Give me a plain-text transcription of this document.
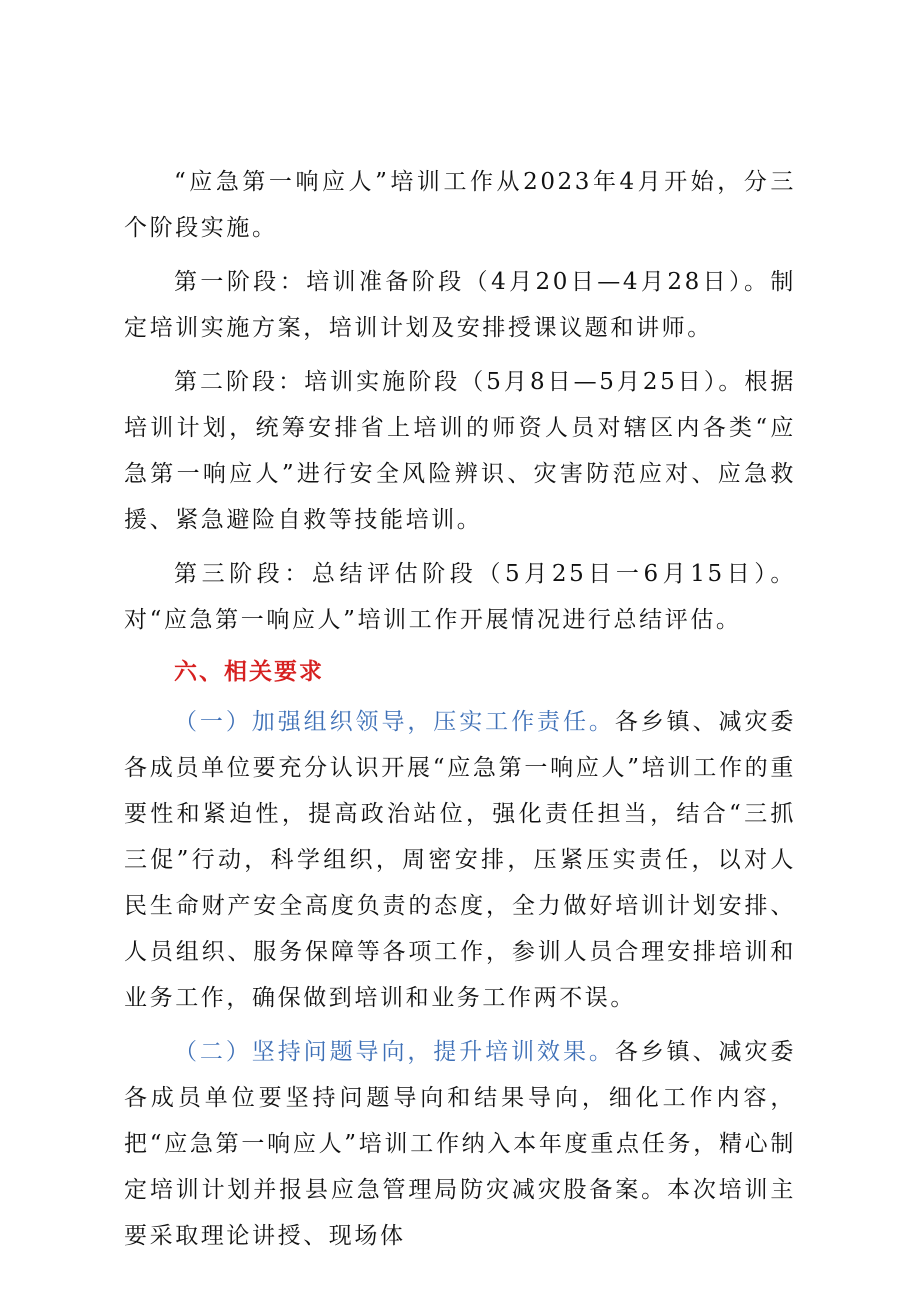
“应急第一响应人”培训工作从2023年4月开始，分三个阶段实施。

第一阶段：培训准备阶段（4月20日—4月28日）。制定培训实施方案，培训计划及安排授课议题和讲师。

第二阶段：培训实施阶段（5月8日—5月25日）。根据培训计划，统筹安排省上培训的师资人员对辖区内各类“应急第一响应人”进行安全风险辨识、灾害防范应对、应急救援、紧急避险自救等技能培训。

第三阶段：总结评估阶段（5月25日一6月15日）。对“应急第一响应人”培训工作开展情况进行总结评估。

六、相关要求

（一）加强组织领导，压实工作责任。各乡镇、减灾委各成员单位要充分认识开展“应急第一响应人”培训工作的重要性和紧迫性，提高政治站位，强化责任担当，结合“三抓三促”行动，科学组织，周密安排，压紧压实责任，以对人民生命财产安全高度负责的态度，全力做好培训计划安排、人员组织、服务保障等各项工作，参训人员合理安排培训和业务工作，确保做到培训和业务工作两不误。

（二）坚持问题导向，提升培训效果。各乡镇、减灾委各成员单位要坚持问题导向和结果导向，细化工作内容，把“应急第一响应人”培训工作纳入本年度重点任务，精心制定培训计划并报县应急管理局防灾减灾股备案。本次培训主要采取理论讲授、现场体
